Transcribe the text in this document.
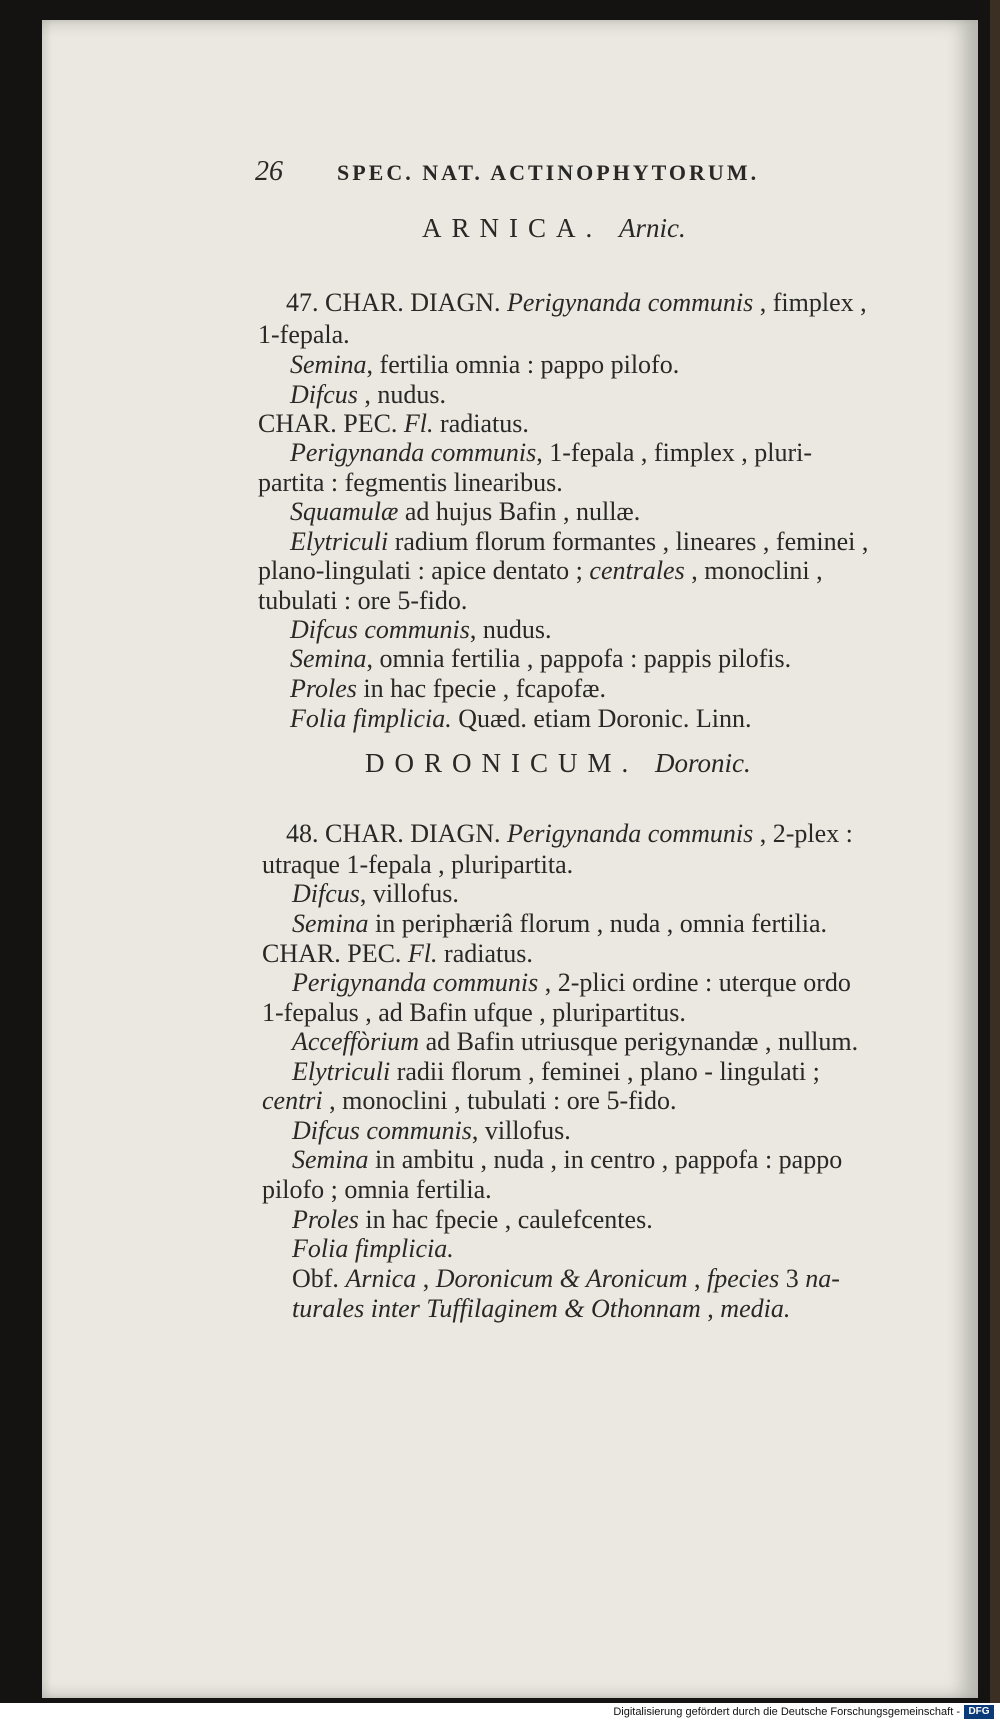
26 SPEC. NAT. ACTINOPHYTORUM.
ARNICA. Arnic.
DORONICUM. Doronic.
47. CHAR. DIAGN. Perigynanda communis , fimplex ,
1-fepala.
Semina, fertilia omnia : pappo pilofo.
Difcus , nudus.
CHAR. PEC. Fl. radiatus.
Perigynanda communis, 1-fepala , fimplex , pluri-
partita : fegmentis linearibus.
Squamulæ ad hujus Bafin , nullæ.
Elytriculi radium florum formantes , lineares , feminei ,
plano-lingulati : apice dentato ; centrales , monoclini ,
tubulati : ore 5-fido.
Difcus communis, nudus.
Semina, omnia fertilia , pappofa : pappis pilofis.
Proles in hac fpecie , fcapofæ.
Folia fimplicia. Quæd. etiam Doronic. Linn.
48. CHAR. DIAGN. Perigynanda communis , 2-plex :
utraque 1-fepala , pluripartita.
Difcus, villofus.
Semina in periphæriâ florum , nuda , omnia fertilia.
CHAR. PEC. Fl. radiatus.
Perigynanda communis , 2-plici ordine : uterque ordo
1-fepalus , ad Bafin ufque , pluripartitus.
Acceffòrium ad Bafin utriusque perigynandæ , nullum.
Elytriculi radii florum , feminei , plano - lingulati ;
centri , monoclini , tubulati : ore 5-fido.
Difcus communis, villofus.
Semina in ambitu , nuda , in centro , pappofa : pappo
pilofo ; omnia fertilia.
Proles in hac fpecie , caulefcentes.
Folia fimplicia.
Obf. Arnica , Doronicum & Aronicum , fpecies 3 na-
turales inter Tuffilaginem & Othonnam , media.
Digitalisierung gefördert durch die Deutsche Forschungsgemeinschaft - DFG
